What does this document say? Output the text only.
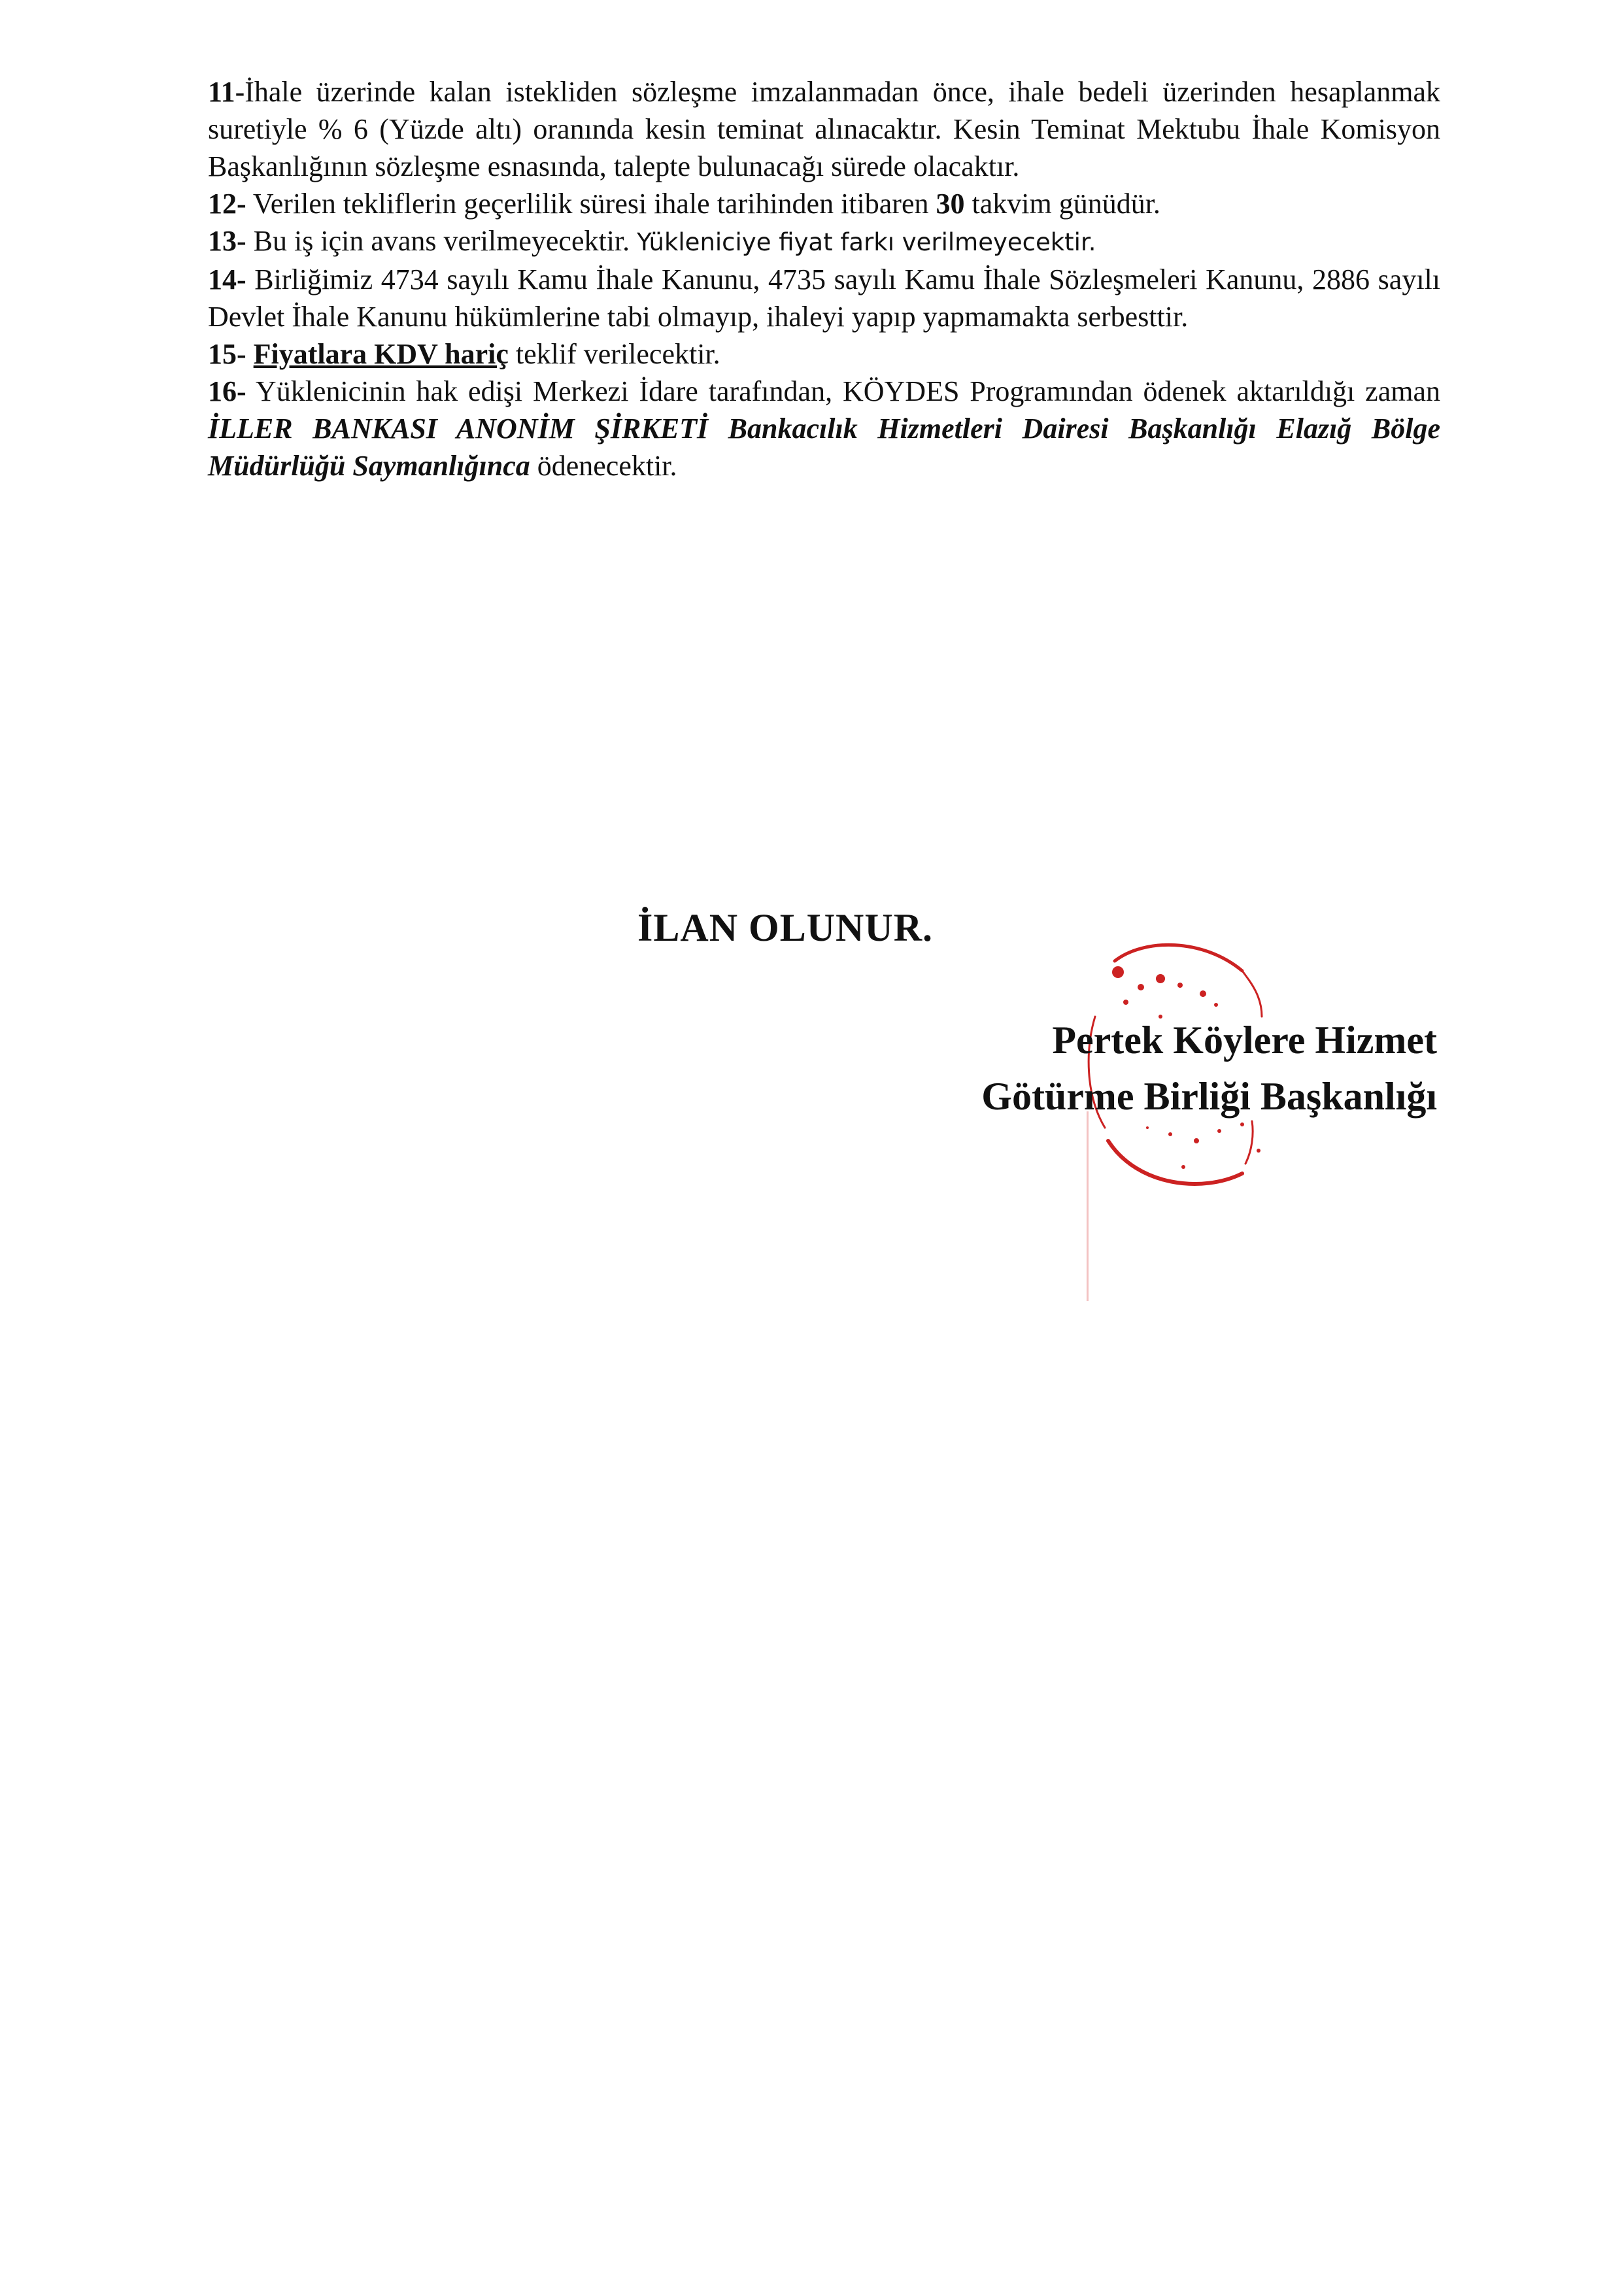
11-İhale üzerinde kalan istekliden sözleşme imzalanmadan önce, ihale bedeli üzerinden hesaplanmak suretiyle % 6 (Yüzde altı) oranında kesin teminat alınacaktır. Kesin Teminat Mektubu İhale Komisyon Başkanlığının sözleşme esnasında, talepte bulunacağı sürede olacaktır.

12- Verilen tekliflerin geçerlilik süresi ihale tarihinden itibaren 30 takvim günüdür.

13- Bu iş için avans verilmeyecektir. Yükleniciye fiyat farkı verilmeyecektir.

14- Birliğimiz 4734 sayılı Kamu İhale Kanunu, 4735 sayılı Kamu İhale Sözleşmeleri Kanunu, 2886 sayılı Devlet İhale Kanunu hükümlerine tabi olmayıp, ihaleyi yapıp yapmamakta serbesttir.

15- Fiyatlara KDV hariç teklif verilecektir.

16- Yüklenicinin hak edişi Merkezi İdare tarafından, KÖYDES Programından ödenek aktarıldığı zaman İLLER BANKASI ANONİM ŞİRKETİ Bankacılık Hizmetleri Dairesi Başkanlığı Elazığ Bölge Müdürlüğü Saymanlığınca ödenecektir.

İLAN OLUNUR.
Pertek Köylere Hizmet
Götürme Birliği Başkanlığı
